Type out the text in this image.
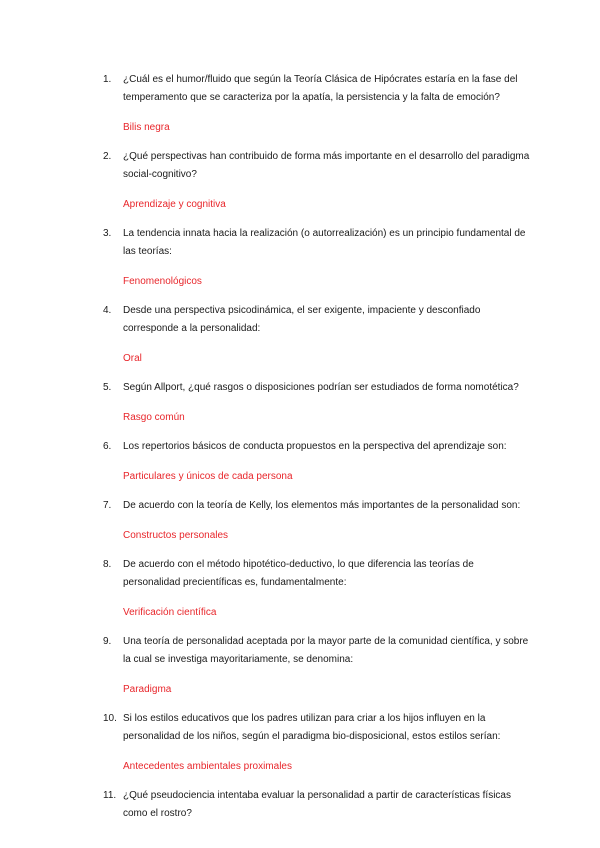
1.	¿Cuál es el humor/fluido que según la Teoría Clásica de Hipócrates estaría en la fase del temperamento que se caracteriza por la apatía, la persistencia y la falta de emoción?

Bilis negra

2.	¿Qué perspectivas han contribuido de forma más importante en el desarrollo del paradigma social-cognitivo?

Aprendizaje y cognitiva

3.	La tendencia innata hacia la realización (o autorrealización) es un principio fundamental de las teorías:

Fenomenológicos

4.	Desde una perspectiva psicodinámica, el ser exigente, impaciente y desconfiado corresponde a la personalidad:

Oral

5.	Según Allport, ¿qué rasgos o disposiciones podrían ser estudiados de forma nomotética?

Rasgo común

6.	Los repertorios básicos de conducta propuestos en la perspectiva del aprendizaje son:

Particulares y únicos de cada persona

7.	De acuerdo con la teoría de Kelly, los elementos más importantes de la personalidad son:

Constructos personales

8.	De acuerdo con el método hipotético-deductivo, lo que diferencia las teorías de personalidad precientíficas es, fundamentalmente:

Verificación científica

9.	Una teoría de personalidad aceptada por la mayor parte de la comunidad científica, y sobre la cual se investiga mayoritariamente, se denomina:

Paradigma

10. Si los estilos educativos que los padres utilizan para criar a los hijos influyen en la personalidad de los niños, según el paradigma bio-disposicional, estos estilos serían:

Antecedentes ambientales proximales

11. ¿Qué pseudociencia intentaba evaluar la personalidad a partir de características físicas como el rostro?
